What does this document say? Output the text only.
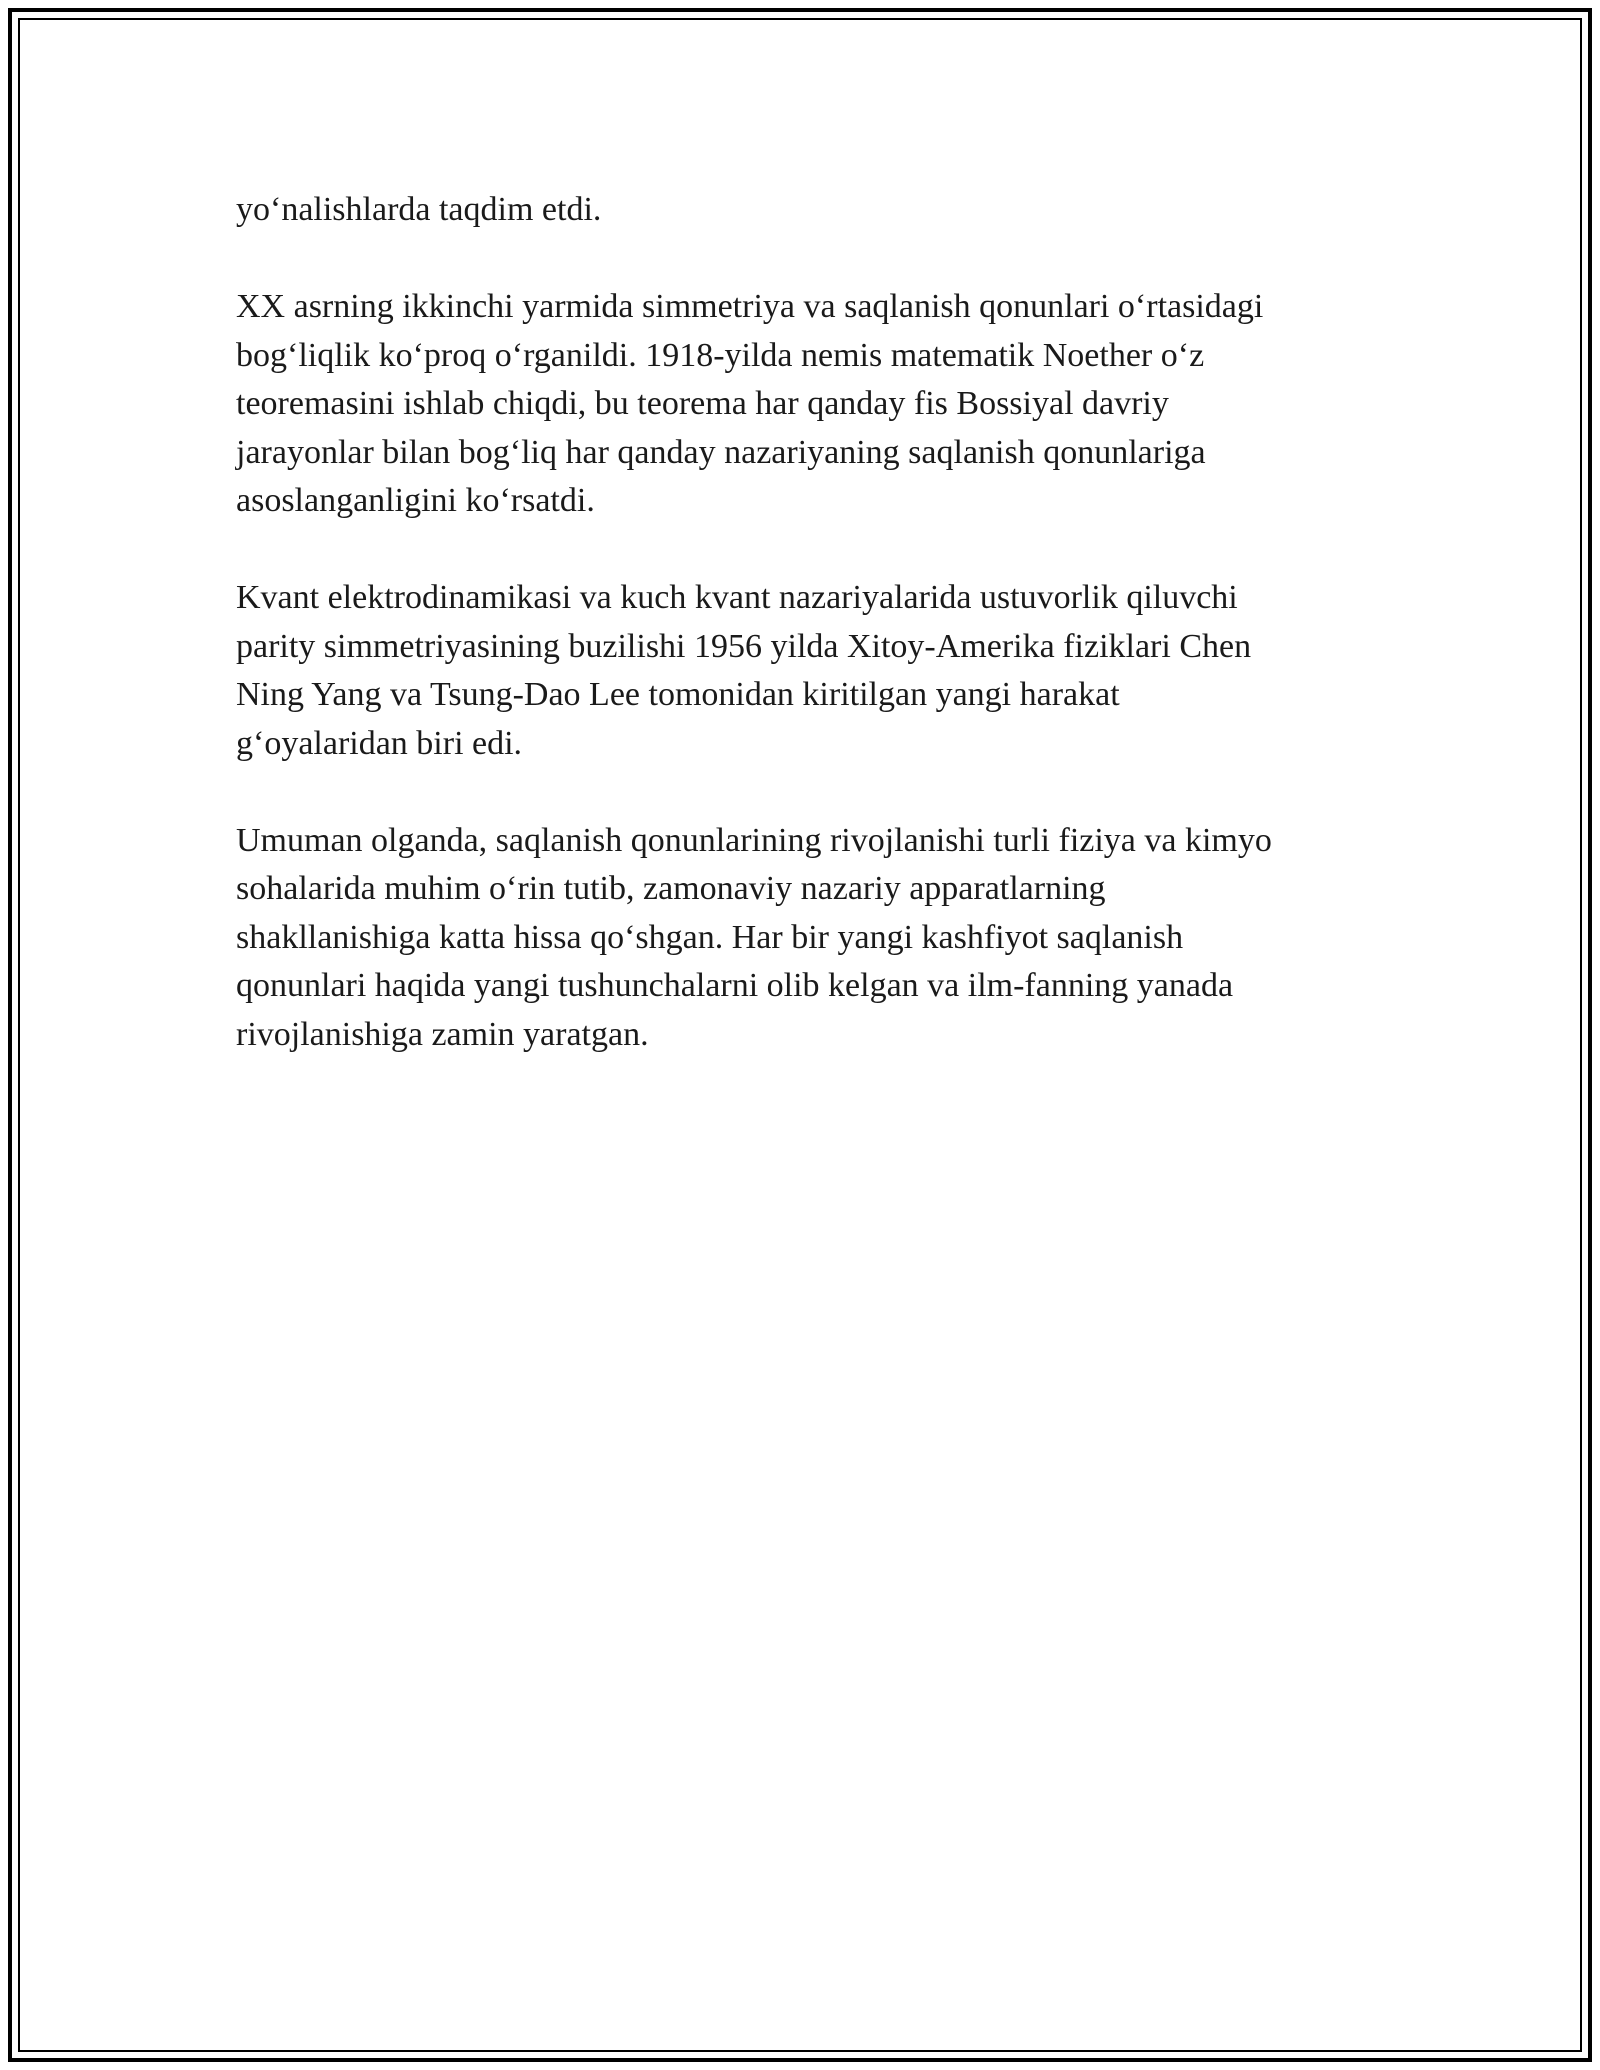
yo‘nalishlarda taqdim etdi.

XX asrning ikkinchi yarmida simmetriya va saqlanish qonunlari o‘rtasidagi
bog‘liqlik ko‘proq o‘rganildi. 1918-yilda nemis matematik Noether o‘z
teoremasini ishlab chiqdi, bu teorema har qanday fis Bossiyal davriy
jarayonlar bilan bog‘liq har qanday nazariyaning saqlanish qonunlariga
asoslanganligini ko‘rsatdi.

Kvant elektrodinamikasi va kuch kvant nazariyalarida ustuvorlik qiluvchi
parity simmetriyasining buzilishi 1956 yilda Xitoy-Amerika fiziklari Chen
Ning Yang va Tsung-Dao Lee tomonidan kiritilgan yangi harakat
g‘oyalaridan biri edi.

Umuman olganda, saqlanish qonunlarining rivojlanishi turli fiziya va kimyo
sohalarida muhim o‘rin tutib, zamonaviy nazariy apparatlarning
shakllanishiga katta hissa qo‘shgan. Har bir yangi kashfiyot saqlanish
qonunlari haqida yangi tushunchalarni olib kelgan va ilm-fanning yanada
rivojlanishiga zamin yaratgan.
